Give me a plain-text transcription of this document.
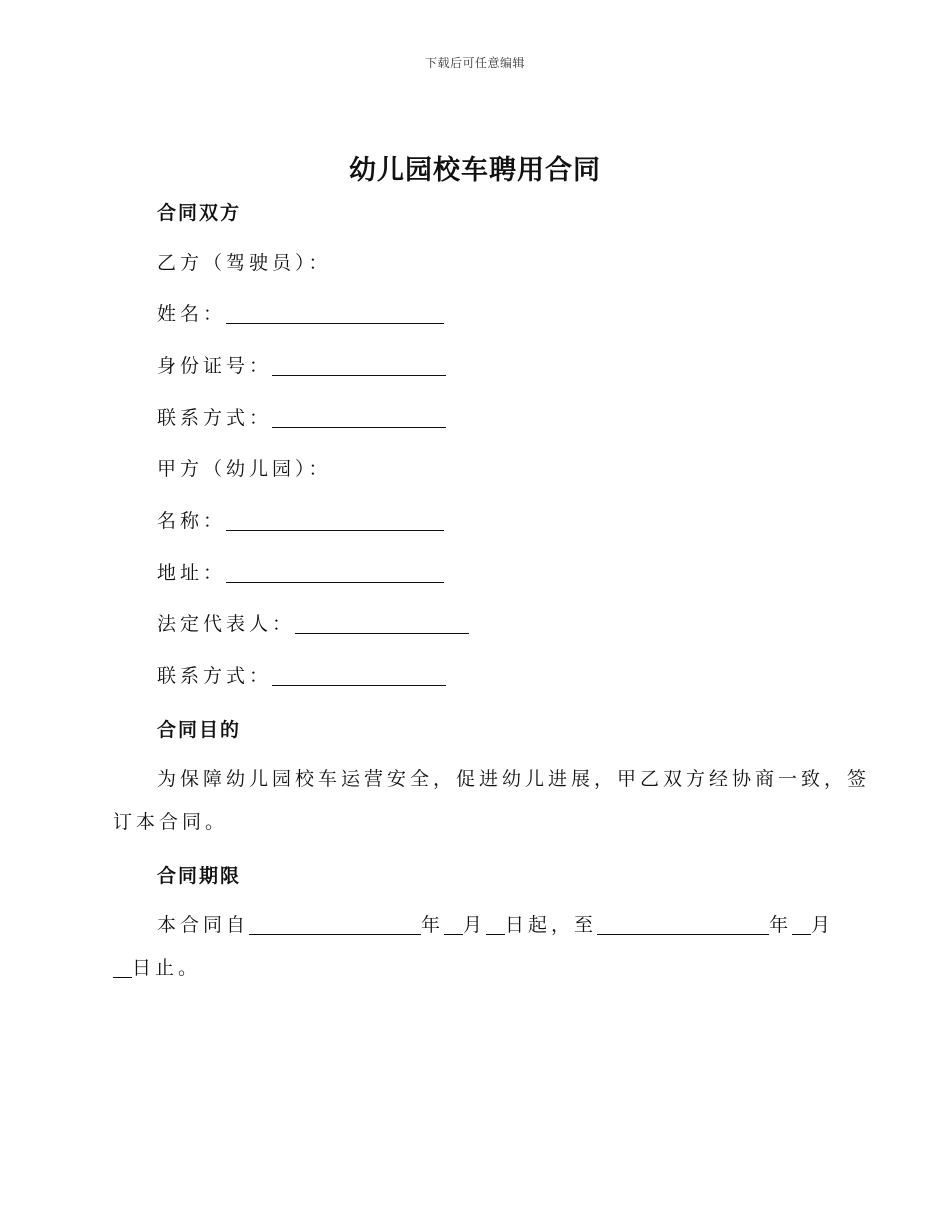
下载后可任意编辑
幼儿园校车聘用合同
合同双方
乙方（驾驶员）：
姓名：
身份证号：
联系方式：
甲方（幼儿园）：
名称：
地址：
法定代表人：
联系方式：
合同目的
为保障幼儿园校车运营安全，促进幼儿进展，甲乙双方经协商一致，签
订本合同。
合同期限
本合同自	年 月 日起，至	年 月
日止。
